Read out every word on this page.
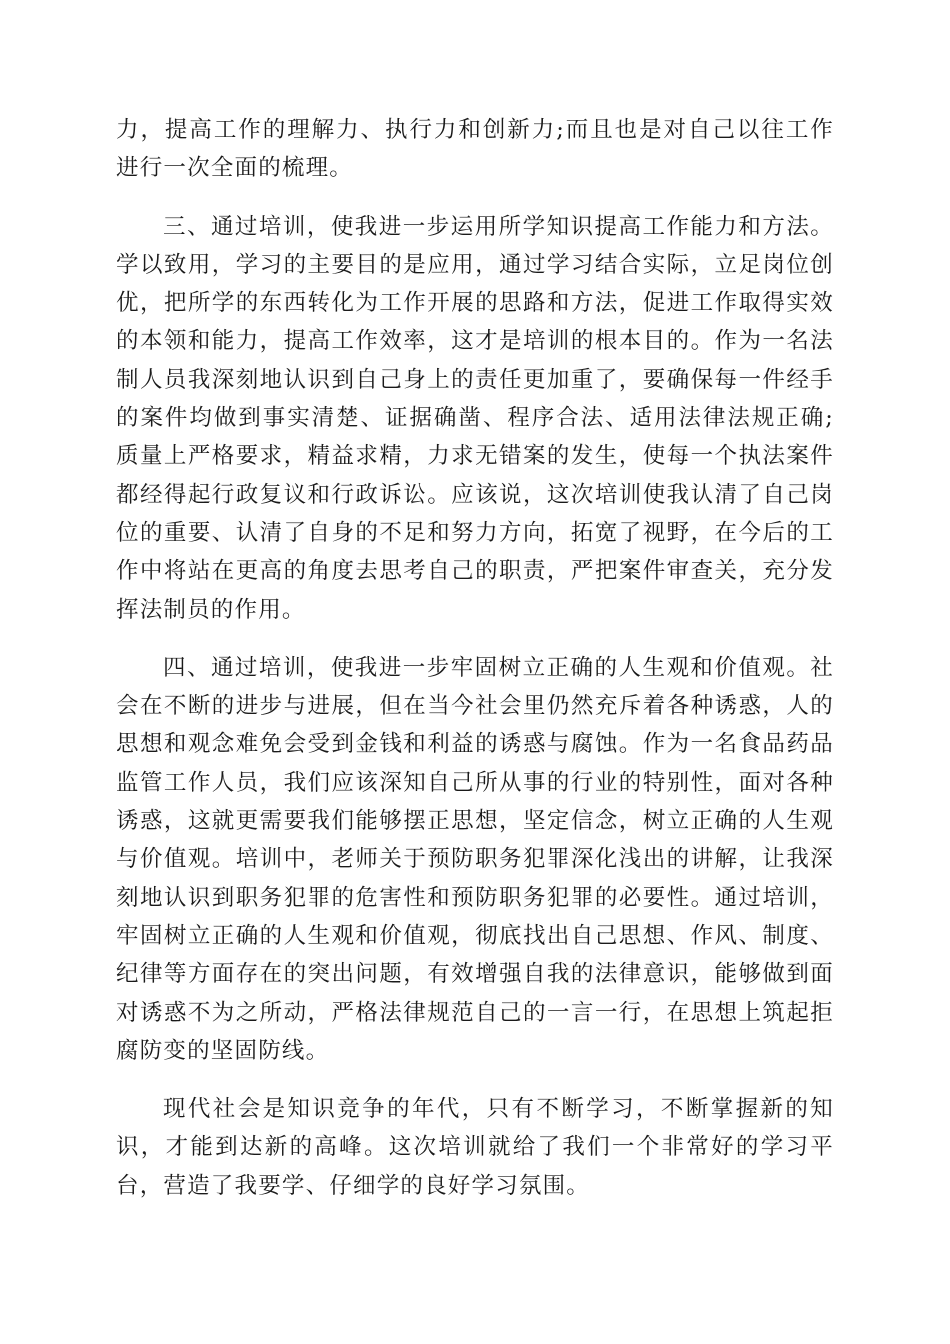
力，提高工作的理解力、执行力和创新力;而且也是对自己以往工作进行一次全面的梳理。

三、通过培训，使我进一步运用所学知识提高工作能力和方法。学以致用，学习的主要目的是应用，通过学习结合实际，立足岗位创优，把所学的东西转化为工作开展的思路和方法，促进工作取得实效的本领和能力，提高工作效率，这才是培训的根本目的。作为一名法制人员我深刻地认识到自己身上的责任更加重了，要确保每一件经手的案件均做到事实清楚、证据确凿、程序合法、适用法律法规正确;质量上严格要求，精益求精，力求无错案的发生，使每一个执法案件都经得起行政复议和行政诉讼。应该说，这次培训使我认清了自己岗位的重要、认清了自身的不足和努力方向，拓宽了视野，在今后的工作中将站在更高的角度去思考自己的职责，严把案件审查关，充分发挥法制员的作用。

四、通过培训，使我进一步牢固树立正确的人生观和价值观。社会在不断的进步与进展，但在当今社会里仍然充斥着各种诱惑，人的思想和观念难免会受到金钱和利益的诱惑与腐蚀。作为一名食品药品监管工作人员，我们应该深知自己所从事的行业的特别性，面对各种诱惑，这就更需要我们能够摆正思想，坚定信念，树立正确的人生观与价值观。培训中，老师关于预防职务犯罪深化浅出的讲解，让我深刻地认识到职务犯罪的危害性和预防职务犯罪的必要性。通过培训，牢固树立正确的人生观和价值观，彻底找出自己思想、作风、制度、纪律等方面存在的突出问题，有效增强自我的法律意识，能够做到面对诱惑不为之所动，严格法律规范自己的一言一行，在思想上筑起拒腐防变的坚固防线。

现代社会是知识竞争的年代，只有不断学习，不断掌握新的知识，才能到达新的高峰。这次培训就给了我们一个非常好的学习平台，营造了我要学、仔细学的良好学习氛围。
